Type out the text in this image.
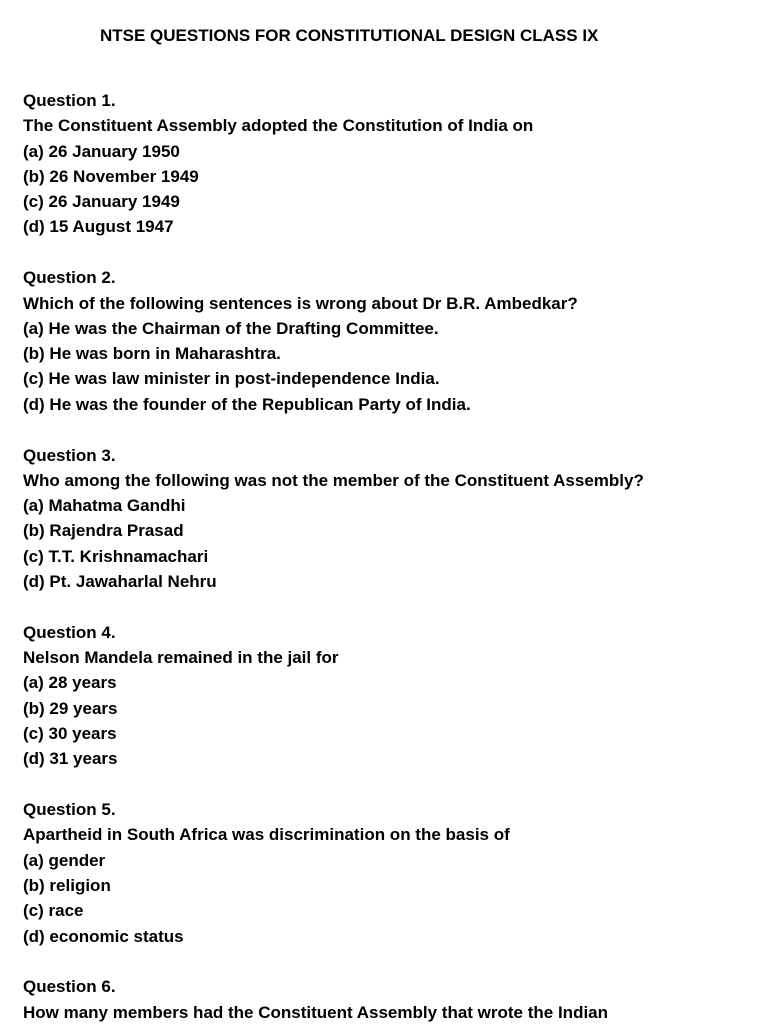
NTSE QUESTIONS FOR CONSTITUTIONAL DESIGN CLASS IX
Question 1.
The Constituent Assembly adopted the Constitution of India on
(a) 26 January 1950
(b) 26 November 1949
(c) 26 January 1949
(d) 15 August 1947
Question 2.
Which of the following sentences is wrong about Dr B.R. Ambedkar?
(a) He was the Chairman of the Drafting Committee.
(b) He was born in Maharashtra.
(c) He was law minister in post-independence India.
(d) He was the founder of the Republican Party of India.
Question 3.
Who among the following was not the member of the Constituent Assembly?
(a) Mahatma Gandhi
(b) Rajendra Prasad
(c) T.T. Krishnamachari
(d) Pt. Jawaharlal Nehru
Question 4.
Nelson Mandela remained in the jail for
(a) 28 years
(b) 29 years
(c) 30 years
(d) 31 years
Question 5.
Apartheid in South Africa was discrimination on the basis of
(a) gender
(b) religion
(c) race
(d) economic status
Question 6.
How many members had the Constituent Assembly that wrote the Indian
